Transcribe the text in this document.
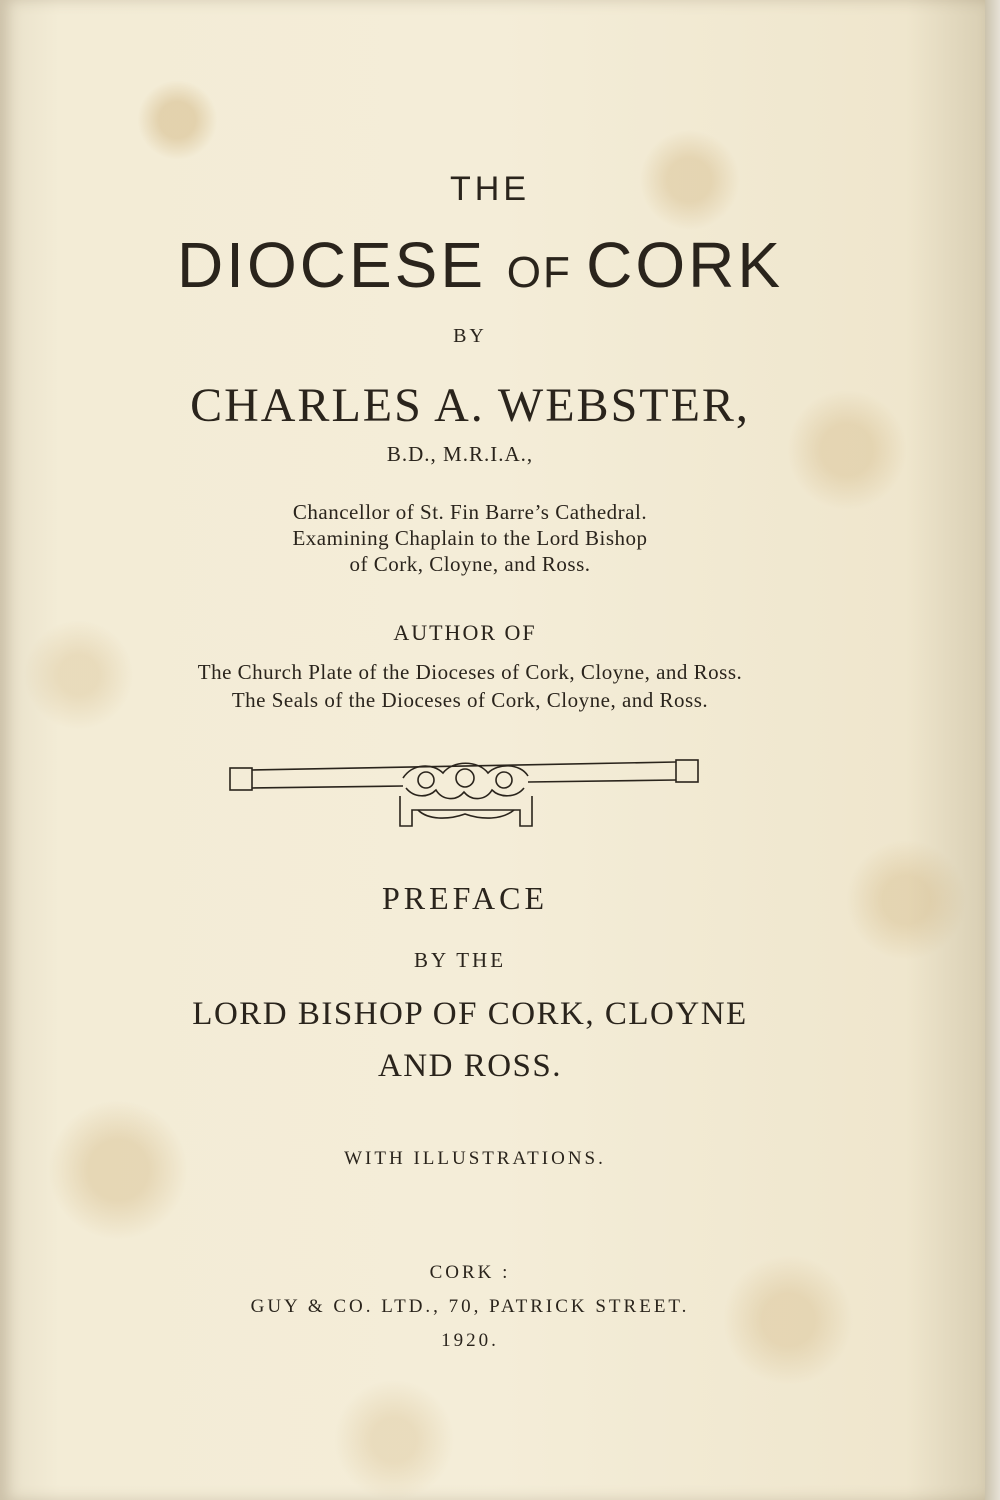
THE
DIOCESE OF CORK
BY
CHARLES A. WEBSTER,
B.D., M.R.I.A.,
Chancellor of St. Fin Barre’s Cathedral.
Examining Chaplain to the Lord Bishop
of Cork, Cloyne, and Ross.
AUTHOR OF
The Church Plate of the Dioceses of Cork, Cloyne, and Ross.
The Seals of the Dioceses of Cork, Cloyne, and Ross.
PREFACE
BY THE
LORD BISHOP OF CORK, CLOYNE
AND ROSS.
WITH ILLUSTRATIONS.
CORK :
GUY & CO. LTD., 70, PATRICK STREET.
1920.
